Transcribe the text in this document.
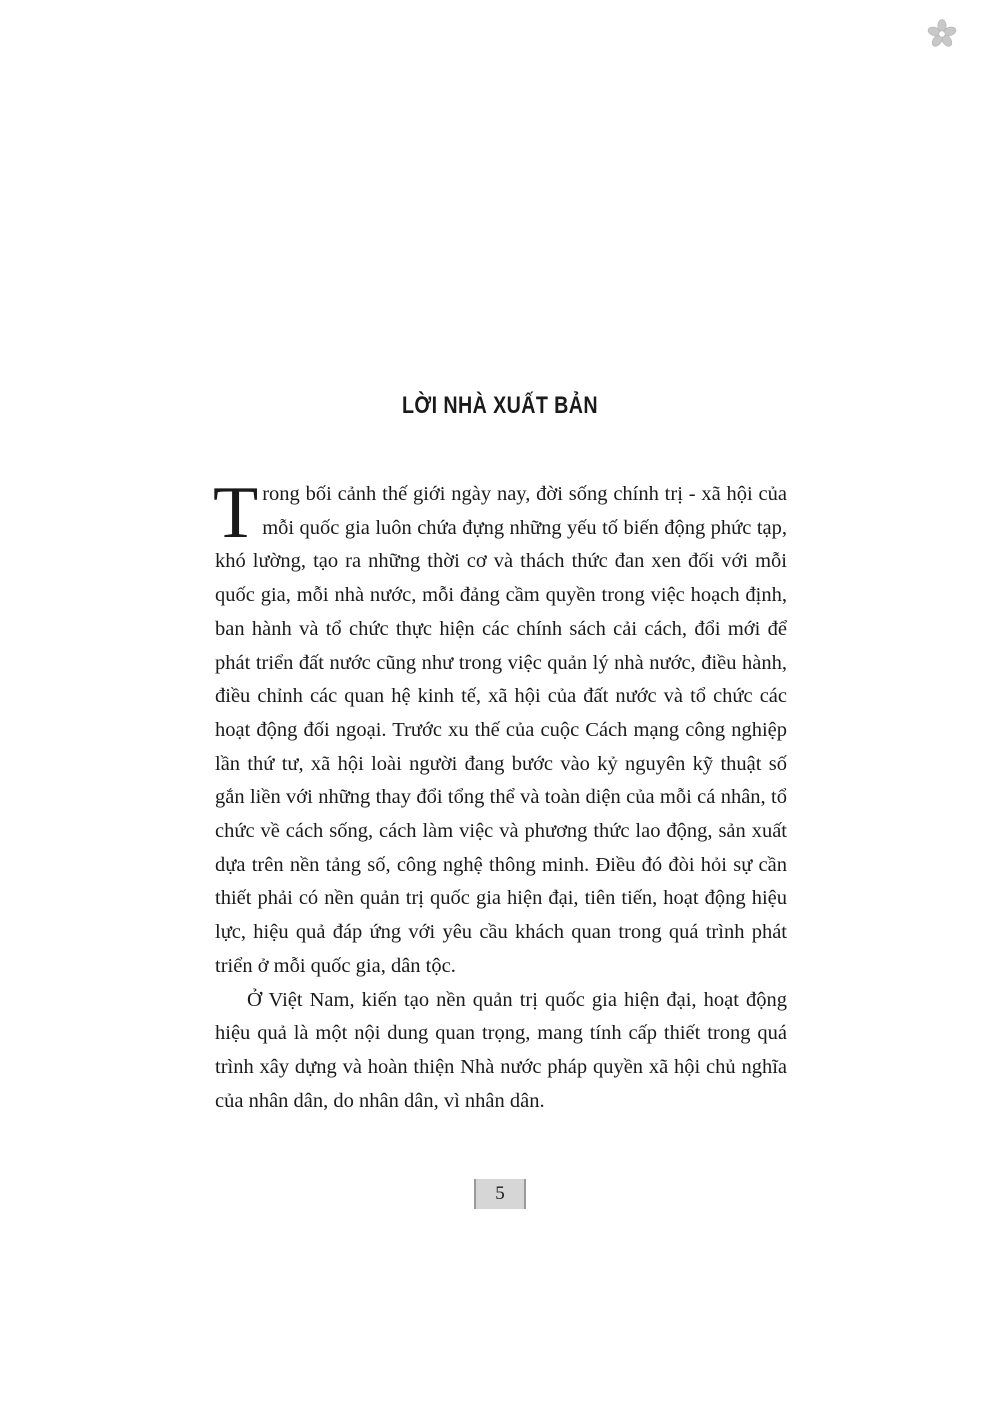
LỜI NHÀ XUẤT BẢN

Trong bối cảnh thế giới ngày nay, đời sống chính trị - xã hội của mỗi quốc gia luôn chứa đựng những yếu tố biến động phức tạp, khó lường, tạo ra những thời cơ và thách thức đan xen đối với mỗi quốc gia, mỗi nhà nước, mỗi đảng cầm quyền trong việc hoạch định, ban hành và tổ chức thực hiện các chính sách cải cách, đổi mới để phát triển đất nước cũng như trong việc quản lý nhà nước, điều hành, điều chỉnh các quan hệ kinh tế, xã hội của đất nước và tổ chức các hoạt động đối ngoại. Trước xu thế của cuộc Cách mạng công nghiệp lần thứ tư, xã hội loài người đang bước vào kỷ nguyên kỹ thuật số gắn liền với những thay đổi tổng thể và toàn diện của mỗi cá nhân, tổ chức về cách sống, cách làm việc và phương thức lao động, sản xuất dựa trên nền tảng số, công nghệ thông minh. Điều đó đòi hỏi sự cần thiết phải có nền quản trị quốc gia hiện đại, tiên tiến, hoạt động hiệu lực, hiệu quả đáp ứng với yêu cầu khách quan trong quá trình phát triển ở mỗi quốc gia, dân tộc.

Ở Việt Nam, kiến tạo nền quản trị quốc gia hiện đại, hoạt động hiệu quả là một nội dung quan trọng, mang tính cấp thiết trong quá trình xây dựng và hoàn thiện Nhà nước pháp quyền xã hội chủ nghĩa của nhân dân, do nhân dân, vì nhân dân.

5
